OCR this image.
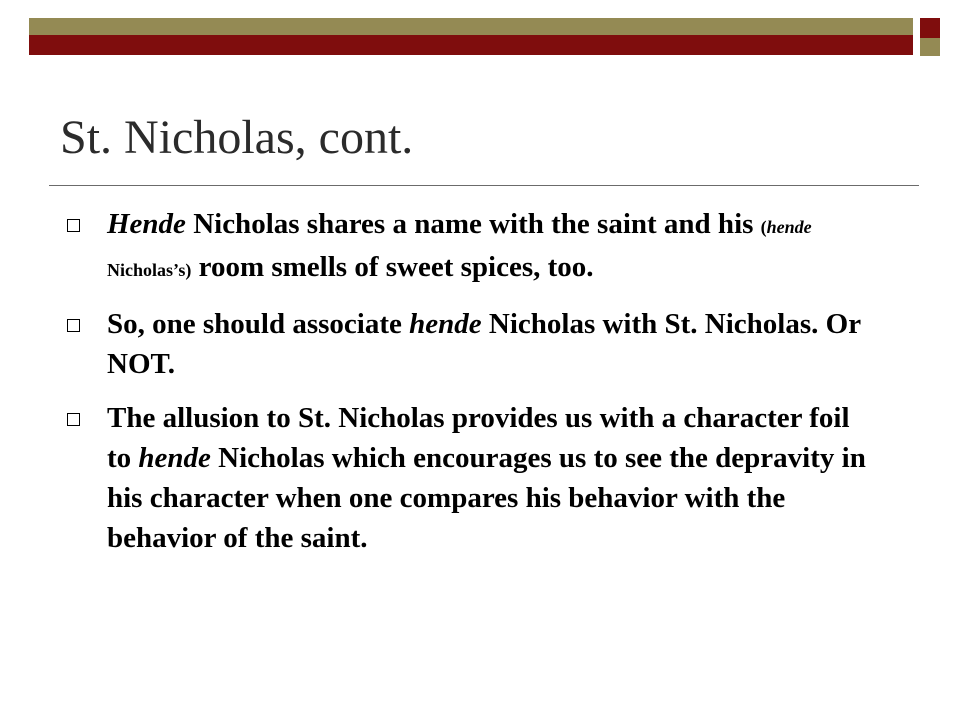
St. Nicholas, cont.
Hende Nicholas shares a name with the saint and his (hende Nicholas’s) room smells of sweet spices, too.
So, one should associate hende Nicholas with St. Nicholas. Or NOT.
The allusion to St. Nicholas provides us with a character foil to hende Nicholas which encourages us to see the depravity in his character when one compares his behavior with the behavior of the saint.
